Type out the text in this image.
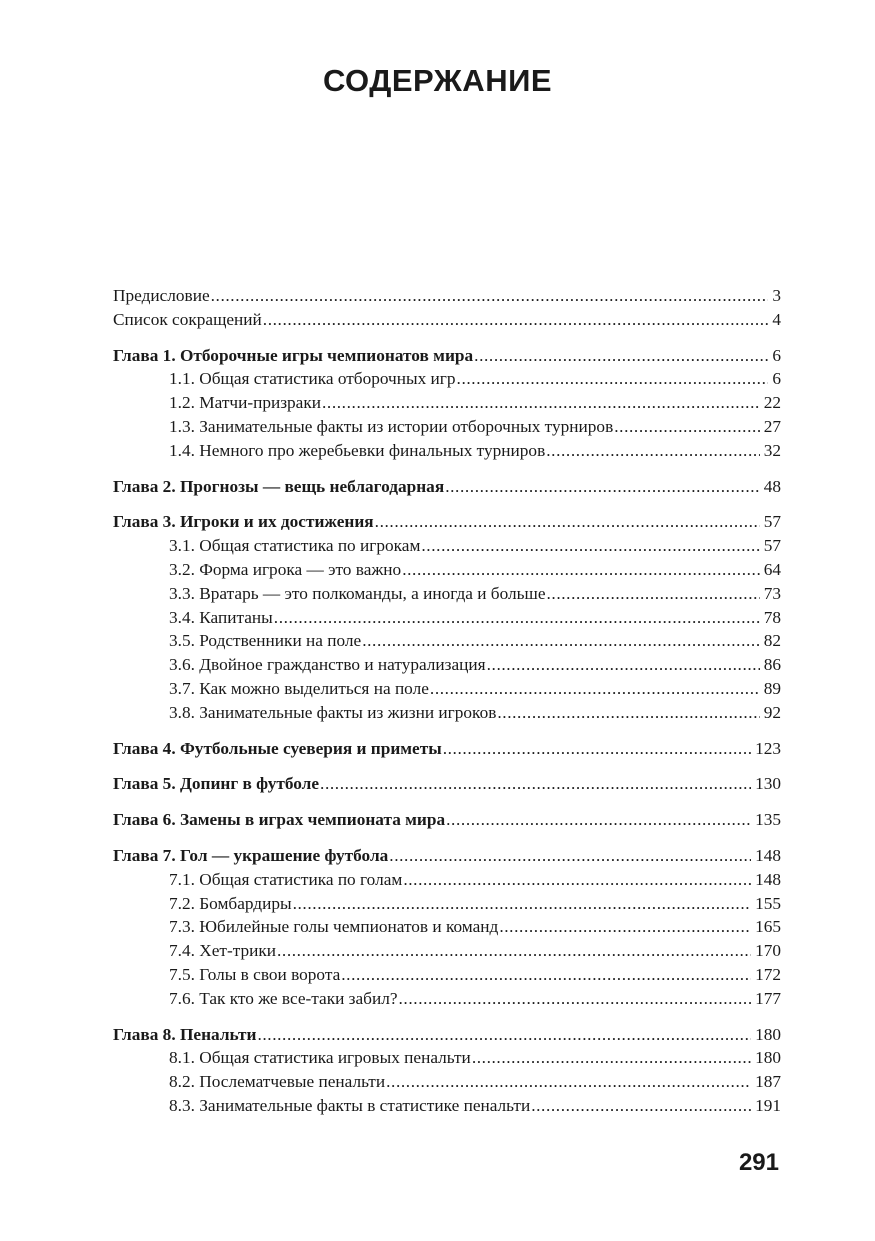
СОДЕРЖАНИЕ
Предисловие .....	3
Список сокращений .....	4
Глава 1. Отборочные игры чемпионатов мира .....	6
1.1. Общая статистика отборочных игр .....	6
1.2. Матчи-призраки .....	22
1.3. Занимательные факты из истории отборочных турниров .....	27
1.4. Немного про жеребьевки финальных турниров .....	32
Глава 2. Прогнозы — вещь неблагодарная .....	48
Глава 3. Игроки и их достижения .....	57
3.1. Общая статистика по игрокам .....	57
3.2. Форма игрока — это важно .....	64
3.3. Вратарь — это полкоманды, а иногда и больше .....	73
3.4. Капитаны .....	78
3.5. Родственники на поле .....	82
3.6. Двойное гражданство и натурализация .....	86
3.7. Как можно выделиться на поле .....	89
3.8. Занимательные факты из жизни игроков .....	92
Глава 4. Футбольные суеверия и приметы .....	123
Глава 5. Допинг в футболе .....	130
Глава 6. Замены в играх чемпионата мира .....	135
Глава 7. Гол — украшение футбола .....	148
7.1. Общая статистика по голам .....	148
7.2. Бомбардиры .....	155
7.3. Юбилейные голы чемпионатов и команд .....	165
7.4. Хет-трики .....	170
7.5. Голы в свои ворота .....	172
7.6. Так кто же все-таки забил? .....	177
Глава 8. Пенальти .....	180
8.1. Общая статистика игровых пенальти .....	180
8.2. Послематчевые пенальти .....	187
8.3. Занимательные факты в статистике пенальти .....	191
291
